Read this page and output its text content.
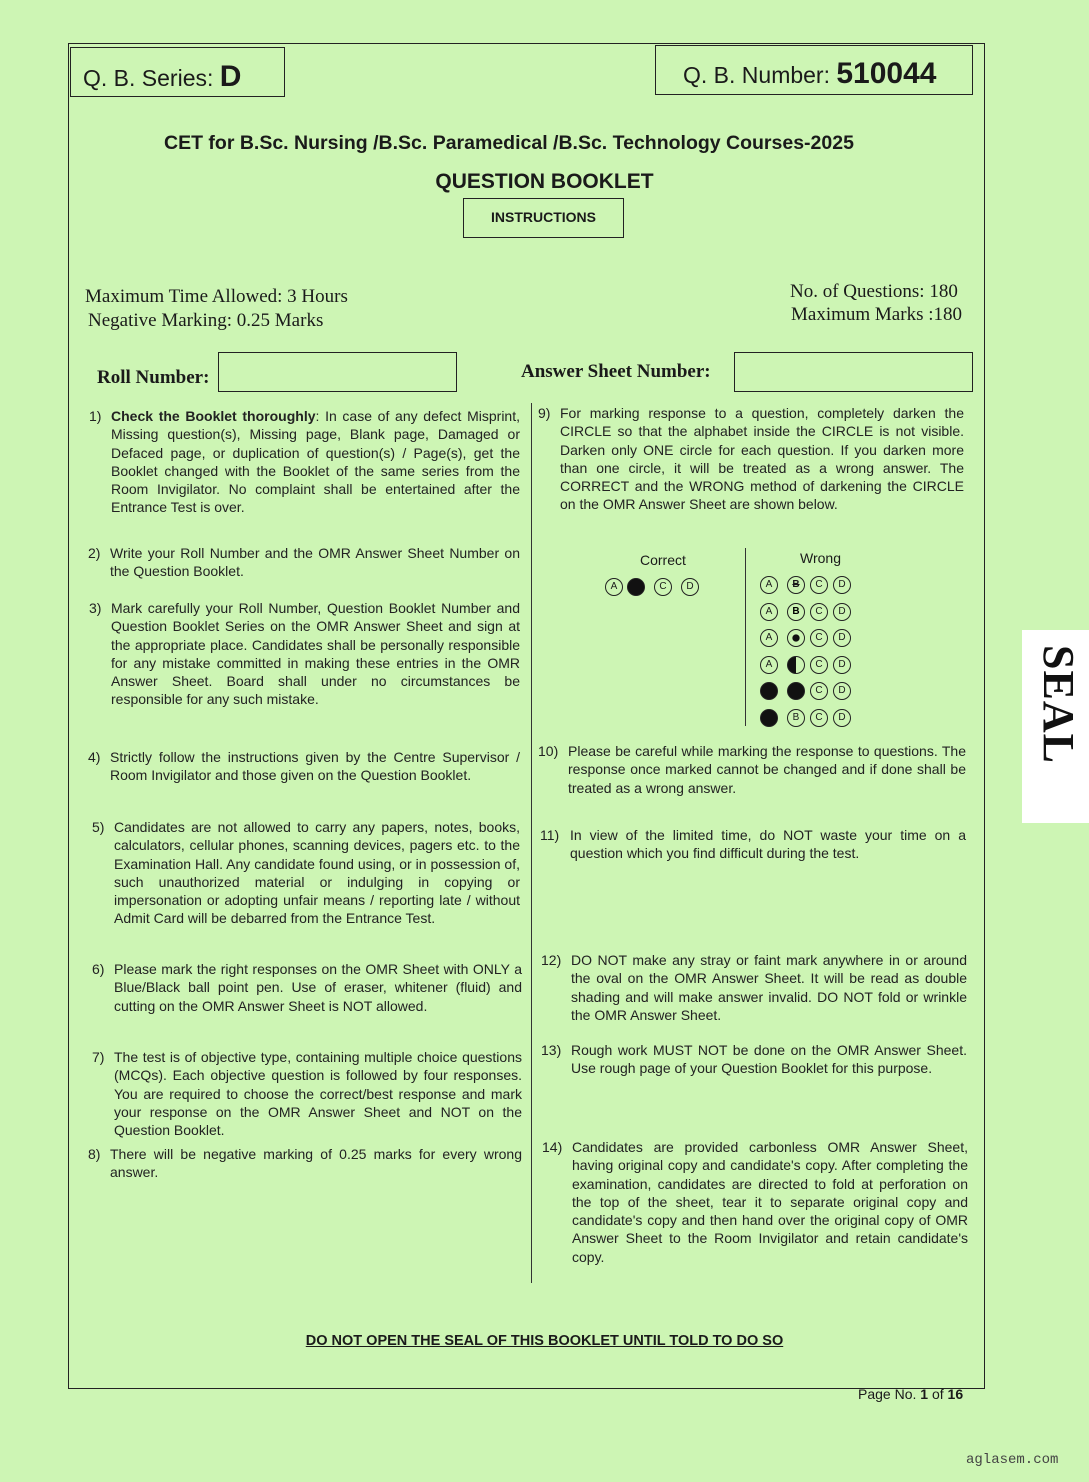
Q. B. Series: D	Q. B. Number: 510044
CET for B.Sc. Nursing /B.Sc. Paramedical /B.Sc. Technology Courses-2025
QUESTION BOOKLET
INSTRUCTIONS
Maximum Time Allowed: 3 Hours
Negative Marking: 0.25 Marks
No. of Questions: 180
Maximum Marks :180
Roll Number:	Answer Sheet Number:
1) Check the Booklet thoroughly: In case of any defect Misprint, Missing question(s), Missing page, Blank page, Damaged or Defaced page, or duplication of question(s) / Page(s), get the Booklet changed with the Booklet of the same series from the Room Invigilator. No complaint shall be entertained after the Entrance Test is over.
2) Write your Roll Number and the OMR Answer Sheet Number on the Question Booklet.
3) Mark carefully your Roll Number, Question Booklet Number and Question Booklet Series on the OMR Answer Sheet and sign at the appropriate place. Candidates shall be personally responsible for any mistake committed in making these entries in the OMR Answer Sheet. Board shall under no circumstances be responsible for any such mistake.
4) Strictly follow the instructions given by the Centre Supervisor / Room Invigilator and those given on the Question Booklet.
5) Candidates are not allowed to carry any papers, notes, books, calculators, cellular phones, scanning devices, pagers etc. to the Examination Hall. Any candidate found using, or in possession of, such unauthorized material or indulging in copying or impersonation or adopting unfair means / reporting late / without Admit Card will be debarred from the Entrance Test.
6) Please mark the right responses on the OMR Sheet with ONLY a Blue/Black ball point pen. Use of eraser, whitener (fluid) and cutting on the OMR Answer Sheet is NOT allowed.
7) The test is of objective type, containing multiple choice questions (MCQs). Each objective question is followed by four responses. You are required to choose the correct/best response and mark your response on the OMR Answer Sheet and NOT on the Question Booklet.
8) There will be negative marking of 0.25 marks for every wrong answer.
9) For marking response to a question, completely darken the CIRCLE so that the alphabet inside the CIRCLE is not visible. Darken only ONE circle for each question. If you darken more than one circle, it will be treated as a wrong answer. The CORRECT and the WRONG method of darkening the CIRCLE on the OMR Answer Sheet are shown below.
Correct	Wrong
A	C	D	A	B	C	D
A	B	C	D
A	C	D
A	C	D
C	D
B	C	D
10) Please be careful while marking the response to questions. The response once marked cannot be changed and if done shall be treated as a wrong answer.
11) In view of the limited time, do NOT waste your time on a question which you find difficult during the test.
12) DO NOT make any stray or faint mark anywhere in or around the oval on the OMR Answer Sheet. It will be read as double shading and will make answer invalid. DO NOT fold or wrinkle the OMR Answer Sheet.
13) Rough work MUST NOT be done on the OMR Answer Sheet. Use rough page of your Question Booklet for this purpose.
14) Candidates are provided carbonless OMR Answer Sheet, having original copy and candidate's copy. After completing the examination, candidates are directed to fold at perforation on the top of the sheet, tear it to separate original copy and candidate's copy and then hand over the original copy of OMR Answer Sheet to the Room Invigilator and retain candidate's copy.
DO NOT OPEN THE SEAL OF THIS BOOKLET UNTIL TOLD TO DO SO
Page No. 1 of 16
SEAL
aglasem.com
